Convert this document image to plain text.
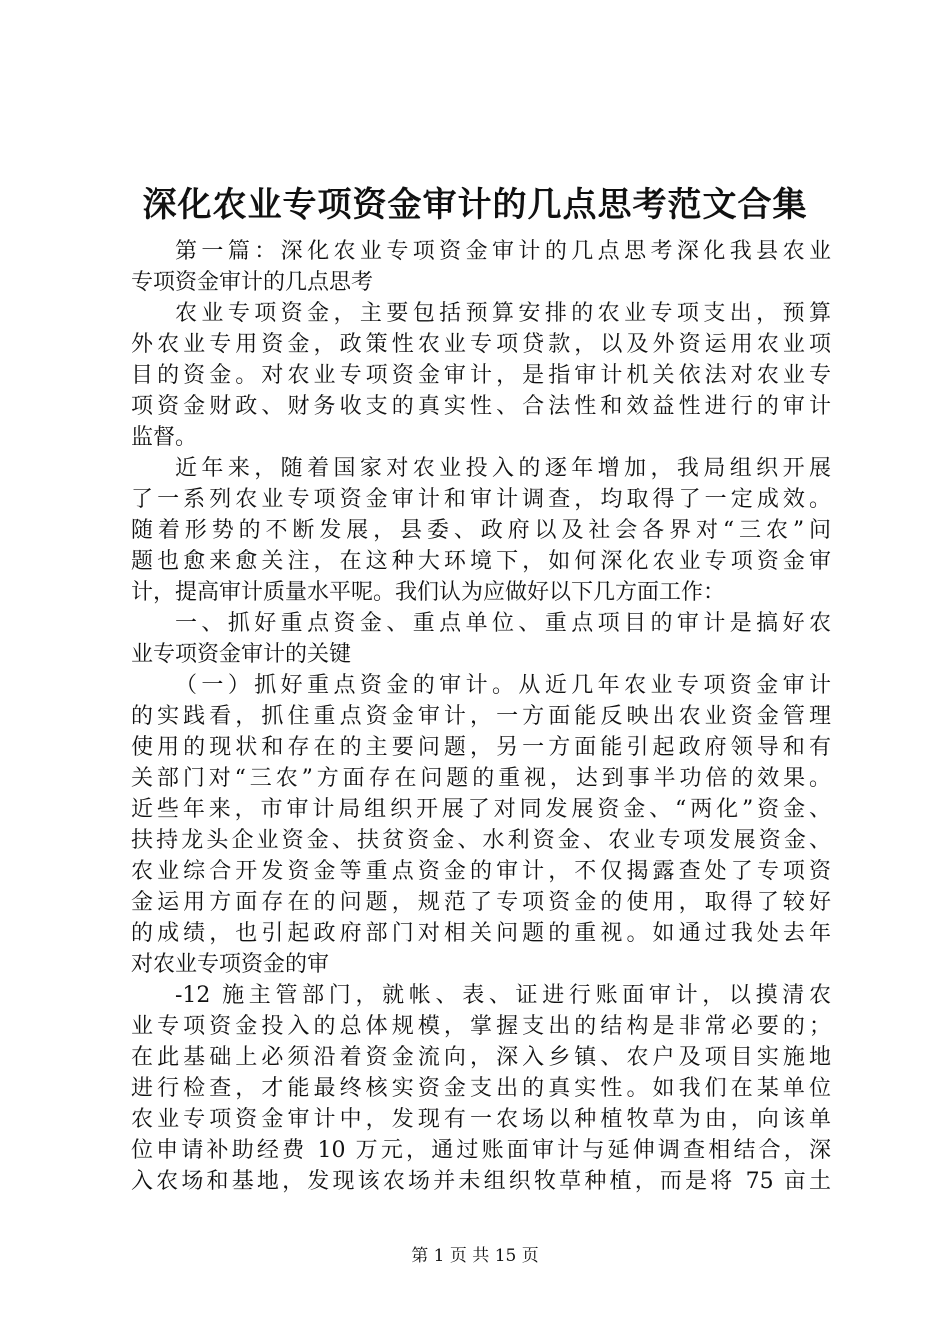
深化农业专项资金审计的几点思考范文合集
第一篇：深化农业专项资金审计的几点思考深化我县农业
专项资金审计的几点思考
农业专项资金，主要包括预算安排的农业专项支出，预算
外农业专用资金，政策性农业专项贷款，以及外资运用农业项
目的资金。对农业专项资金审计，是指审计机关依法对农业专
项资金财政、财务收支的真实性、合法性和效益性进行的审计
监督。
近年来，随着国家对农业投入的逐年增加，我局组织开展
了一系列农业专项资金审计和审计调查，均取得了一定成效。
随着形势的不断发展，县委、政府以及社会各界对“三农”问
题也愈来愈关注，在这种大环境下，如何深化农业专项资金审
计，提高审计质量水平呢。我们认为应做好以下几方面工作：
一、抓好重点资金、重点单位、重点项目的审计是搞好农
业专项资金审计的关键
（一）抓好重点资金的审计。从近几年农业专项资金审计
的实践看，抓住重点资金审计，一方面能反映出农业资金管理
使用的现状和存在的主要问题，另一方面能引起政府领导和有
关部门对“三农”方面存在问题的重视，达到事半功倍的效果。
近些年来，市审计局组织开展了对同发展资金、“两化”资金、
扶持龙头企业资金、扶贫资金、水利资金、农业专项发展资金、
农业综合开发资金等重点资金的审计，不仅揭露查处了专项资
金运用方面存在的问题，规范了专项资金的使用，取得了较好
的成绩，也引起政府部门对相关问题的重视。如通过我处去年
对农业专项资金的审
-12 施主管部门，就帐、表、证进行账面审计，以摸清农
业专项资金投入的总体规模，掌握支出的结构是非常必要的；
在此基础上必须沿着资金流向，深入乡镇、农户及项目实施地
进行检查，才能最终核实资金支出的真实性。如我们在某单位
农业专项资金审计中，发现有一农场以种植牧草为由，向该单
位申请补助经费 10 万元，通过账面审计与延伸调查相结合，深
入农场和基地，发现该农场并未组织牧草种植，而是将 75 亩土
第 1 页 共 15 页
